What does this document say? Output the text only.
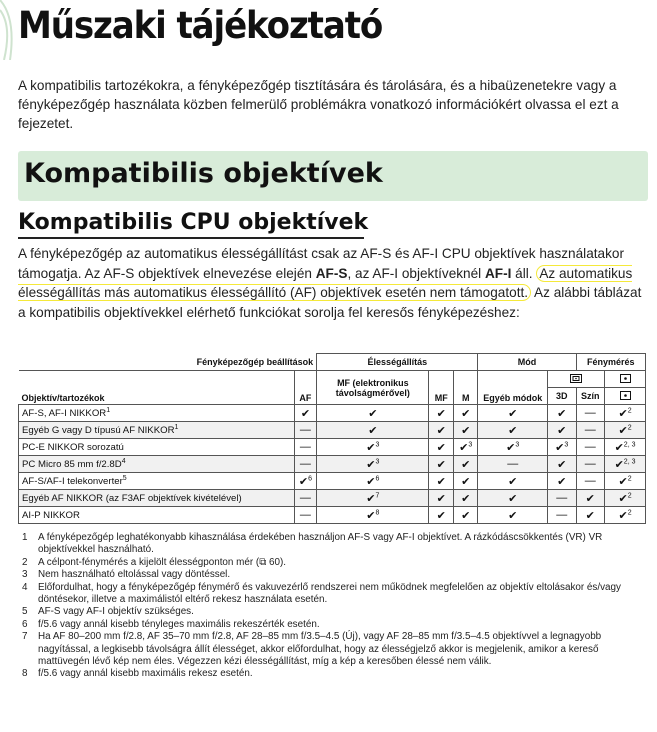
Műszaki tájékoztató

A kompatibilis tartozékokra, a fényképezőgép tisztítására és tárolására, és a hibaüzenetekre vagy a fényképezőgép használata közben felmerülő problémákra vonatkozó információkért olvassa el ezt a fejezetet.

Kompatibilis objektívek
Kompatibilis CPU objektívek

A fényképezőgép az automatikus élességállítást csak az AF-S és AF-I CPU objektívek használatakor támogatja. Az AF-S objektívek elnevezése elején AF-S, az AF-I objektíveknél AF-I áll. Az automatikus élességállítás más automatikus élességállító (AF) objektívek esetén nem támogatott. Az alábbi táblázat a kompatibilis objektívekkel elérhető funkciókat sorolja fel keresős fényképezéshez:

Fényképezőgép beállítások		Élességállítás			Mód		Fénymérés	
Objektív/tartozékok	AF	MF (elektronikus távolságmérővel)	MF	M	Egyéb módok		
						3D	Szín	
AF-S, AF-I NIKKOR$^1$	✔	✔	✔	✔	✔	✔	—	✔$^2$
Egyéb G vagy D típusú AF NIKKOR$^1$	—	✔	✔	✔	✔	✔	—	✔$^2$
PC-E NIKKOR sorozatú	—	✔$^3$	✔	✔$^3$	✔$^3$	✔$^3$	—	✔$^{2, 3}$
PC Micro 85 mm $f/2.8D^4$	—	✔$^3$	✔	✔	—	✔	—	✔$^{2, 3}$
AF-S/AF-I telekonverter$^5$	✔$^6$	✔$^6$	✔	✔	✔	✔	—	✔$^2$
Egyéb AF NIKKOR (az F3AF objektívek kivételével)	—	✔$^7$	✔	✔	✔	—	✔	✔$^2$
AI-P NIKKOR	—	✔$^8$	✔	✔	✔	—	✔	✔$^2$
1 A fényképezőgép leghatékonyabb kihasználása érdekében használjon AF-S vagy AF-I objektívet. A rázkódáscsökkentés (VR) VR objektívekkel használható.
2 A célpont-fénymérés a kijelölt élességponton mér (⧉ 60).
3 Nem használható eltolással vagy döntéssel.
4 Előfordulhat, hogy a fényképezőgép fénymérő és vakuvezérlő rendszerei nem működnek megfelelően az objektív eltolásakor és/vagy döntésekor, illetve a maximálistól eltérő rekesz használata esetén.
5 AF-S vagy AF-I objektív szükséges.
6 f/5.6 vagy annál kisebb tényleges maximális rekeszérték esetén.
7 Ha AF 80–200 mm f/2.8, AF 35–70 mm f/2.8, AF 28–85 mm f/3.5–4.5 (Új), vagy AF 28–85 mm f/3.5–4.5 objektívvel a legnagyobb nagyítással, a legkisebb távolságra állít élességet, akkor előfordulhat, hogy az élességjelző akkor is megjelenik, amikor a kereső mattüvegén lévő kép nem éles. Végezzen kézi élességállítást, míg a kép a keresőben élessé nem válik.
8 f/5.6 vagy annál kisebb maximális rekesz esetén.
